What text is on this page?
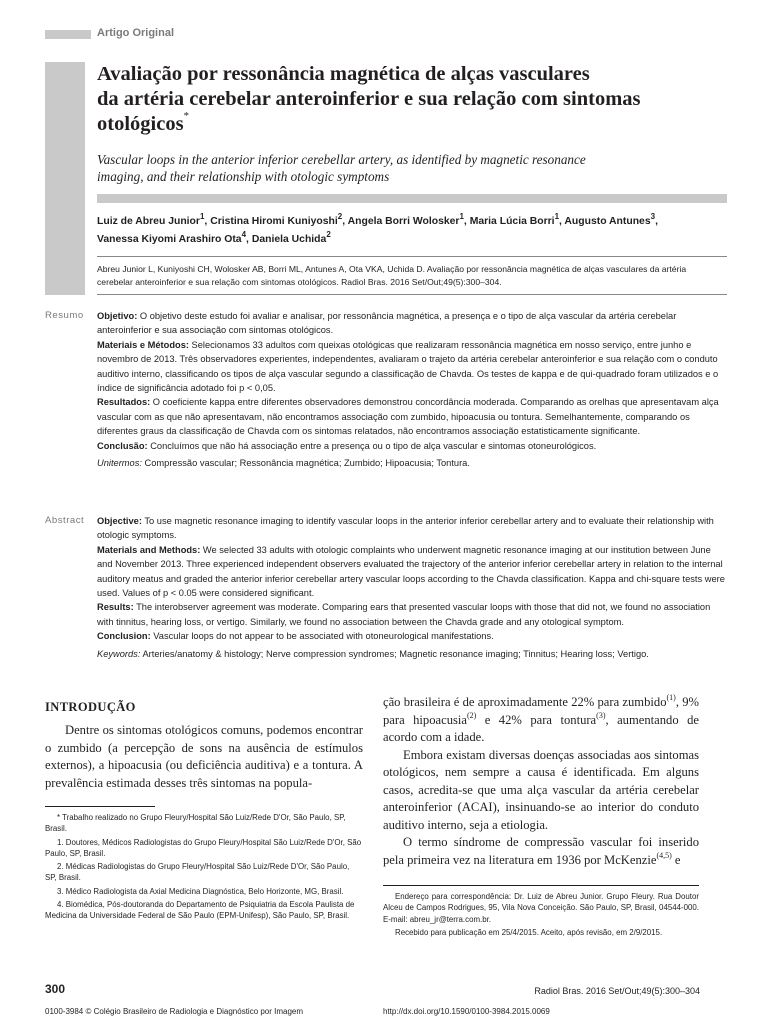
Artigo Original
Avaliação por ressonância magnética de alças vasculares
da artéria cerebelar anteroinferior e sua relação com sintomas
otológicos*
Vascular loops in the anterior inferior cerebellar artery, as identified by magnetic resonance
imaging, and their relationship with otologic symptoms
Luiz de Abreu Junior$^1$, Cristina Hiromi Kuniyoshi$^2$, Angela Borri Wolosker$^1$, Maria Lúcia Borri$^1$, Augusto Antunes$^3$,
Vanessa Kiyomi Arashiro Ota$^4$, Daniela Uchida$^2$
Abreu Junior L, Kuniyoshi CH, Wolosker AB, Borri ML, Antunes A, Ota VKA, Uchida D. Avaliação por ressonância magnética de alças vasculares da artéria
cerebelar anteroinferior e sua relação com sintomas otológicos. Radiol Bras. 2016 Set/Out;49(5):300–304.
Resumo Objetivo: O objetivo deste estudo foi avaliar e analisar, por ressonância magnética, a presença e o tipo de alça vascular da artéria cerebelar anteroinferior e sua associação com sintomas otológicos.

Materiais e Métodos: Selecionamos 33 adultos com queixas otológicas que realizaram ressonância magnética em nosso serviço, entre junho e novembro de 2013. Três observadores experientes, independentes, avaliaram o trajeto da artéria cerebelar anteroinferior e sua relação com o conduto auditivo interno, classificando os tipos de alça vascular segundo a classificação de Chavda. Os testes de kappa e de qui-quadrado foram utilizados e o índice de significância adotado foi p < 0,05.

Resultados: O coeficiente kappa entre diferentes observadores demonstrou concordância moderada. Comparando as orelhas que apresentavam alça vascular com as que não apresentavam, não encontramos associação com zumbido, hipoacusia ou tontura. Semelhantemente, comparando os diferentes graus da classificação de Chavda com os sintomas relatados, não encontramos associação estatisticamente significante.

Conclusão: Concluímos que não há associação entre a presença ou o tipo de alça vascular e sintomas otoneurológicos.

Unitermos: Compressão vascular; Ressonância magnética; Zumbido; Hipoacusia; Tontura.

Abstract Objective: To use magnetic resonance imaging to identify vascular loops in the anterior inferior cerebellar artery and to evaluate their relationship with otologic symptoms.

Materials and Methods: We selected 33 adults with otologic complaints who underwent magnetic resonance imaging at our institution between June and November 2013. Three experienced independent observers evaluated the trajectory of the anterior inferior cerebellar artery in relation to the internal auditory meatus and graded the anterior inferior cerebellar artery vascular loops according to the Chavda classification. Kappa and chi-square tests were used. Values of p < 0.05 were considered significant.

Results: The interobserver agreement was moderate. Comparing ears that presented vascular loops with those that did not, we found no association with tinnitus, hearing loss, or vertigo. Similarly, we found no association between the Chavda grade and any otological symptom.

Conclusion: Vascular loops do not appear to be associated with otoneurological manifestations.

Keywords: Arteries/anatomy & histology; Nerve compression syndromes; Magnetic resonance imaging; Tinnitus; Hearing loss; Vertigo.

INTRODUÇÃO

Dentre os sintomas otológicos comuns, podemos encontrar o zumbido (a percepção de sons na ausência de estímulos externos), a hipoacusia (ou deficiência auditiva) e a tontura. A prevalência estimada desses três sintomas na popula-

* Trabalho realizado no Grupo Fleury/Hospital São Luiz/Rede D'Or, São Paulo, SP, Brasil.

1. Doutores, Médicos Radiologistas do Grupo Fleury/Hospital São Luiz/Rede D'Or, São Paulo, SP, Brasil.

2. Médicas Radiologistas do Grupo Fleury/Hospital São Luiz/Rede D'Or, São Paulo, SP, Brasil.

3. Médico Radiologista da Axial Medicina Diagnóstica, Belo Horizonte, MG, Brasil.

4. Biomédica, Pós-doutoranda do Departamento de Psiquiatria da Escola Paulista de Medicina da Universidade Federal de São Paulo (EPM-Unifesp), São Paulo, SP, Brasil.

ção brasileira é de aproximadamente 22% para zumbido$^{(1)}$, 9% para hipoacusia$^{(2)}$ e 42% para tontura$^{(3)}$, aumentando de acordo com a idade.

Embora existam diversas doenças associadas aos sintomas otológicos, nem sempre a causa é identificada. Em alguns casos, acredita-se que uma alça vascular da artéria cerebelar anteroinferior (ACAI), insinuando-se ao interior do conduto auditivo interno, seja a etiologia.

O termo síndrome de compressão vascular foi inserido pela primeira vez na literatura em 1936 por McKenzie$^{(4,5)}$ e

Endereço para correspondência: Dr. Luiz de Abreu Junior. Grupo Fleury. Rua Doutor Alceu de Campos Rodrigues, 95, Vila Nova Conceição. São Paulo, SP, Brasil, 04544-000. E-mail: abreu_jr@terra.com.br.

Recebido para publicação em 25/4/2015. Aceito, após revisão, em 2/9/2015.

300	Radiol Bras. 2016 Set/Out;49(5):300–304
0100-3984 © Colégio Brasileiro de Radiologia e Diagnóstico por Imagem	http://dx.doi.org/10.1590/0100-3984.2015.0069
